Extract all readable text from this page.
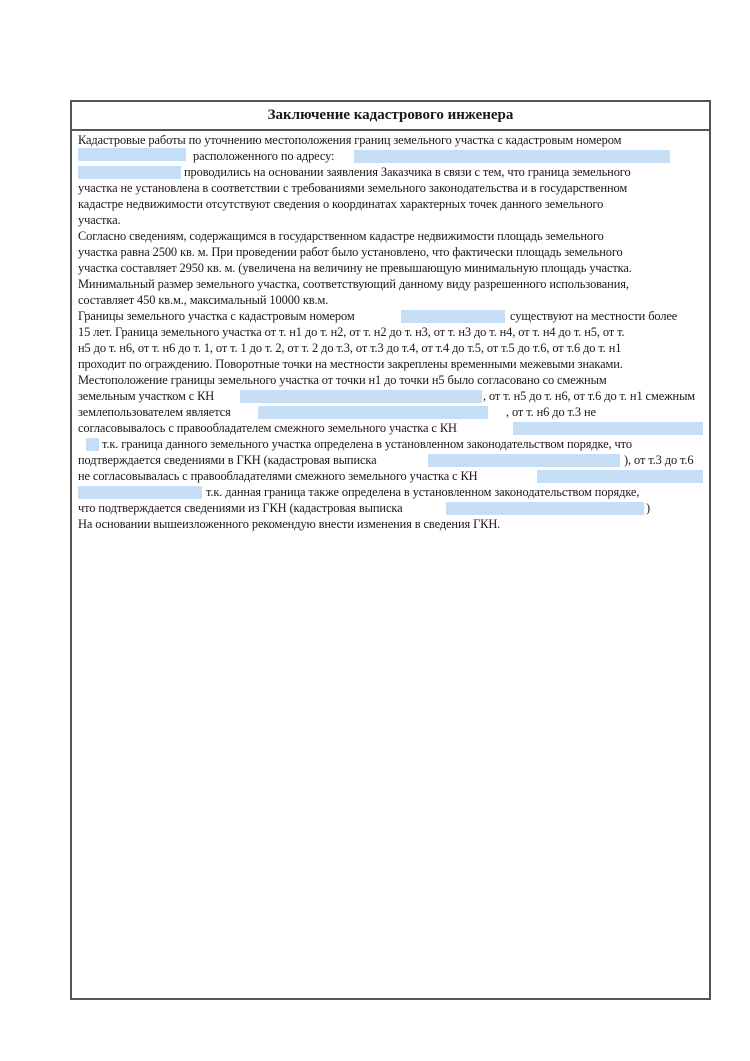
Заключение кадастрового инженера
Кадастровые работы по уточнению местоположения границ земельного участка с кадастровым номером
расположенного по адресу:
проводились на основании заявления Заказчика в связи с тем, что граница земельного
участка не установлена в соответствии с требованиями земельного законодательства и в государственном
кадастре недвижимости отсутствуют сведения о координатах характерных точек данного земельного
участка.
Согласно сведениям, содержащимся в государственном кадастре недвижимости площадь земельного
участка равна 2500 кв. м. При проведении работ было установлено, что фактически площадь земельного
участка составляет 2950 кв. м. (увеличена на величину не превышающую минимальную площадь участка.
Минимальный размер земельного участка, соответствующий данному виду разрешенного использования,
составляет 450 кв.м., максимальный 10000 кв.м.
Границы земельного участка с кадастровым номером	существуют на местности более
15 лет. Граница земельного участка от т. н1 до т. н2, от т. н2 до т. н3, от т. н3 до т. н4, от т. н4 до т. н5, от т.
н5 до т. н6, от т. н6 до т. 1, от т. 1 до т. 2, от т. 2 до т.3, от т.3 до т.4, от т.4 до т.5, от т.5 до т.6, от т.6 до т. н1
проходит по ограждению. Поворотные точки на местности закреплены временными межевыми знаками.
Местоположение границы земельного участка от точки н1 до точки н5 было согласовано со смежным
земельным участком с КН	, от т. н5 до т. н6, от т.6 до т. н1 смежным
землепользователем является	, от т. н6 до т.3 не
согласовывалось с правообладателем смежного земельного участка с КН
т.к. граница данного земельного участка определена в установленном законодательством порядке, что
подтверждается сведениями в ГКН (кадастровая выписка	), от т.3 до т.6
не согласовывалась с правообладателями смежного земельного участка с КН
т.к. данная граница также определена в установленном законодательством порядке,
что подтверждается сведениями из ГКН (кадастровая выписка	)
На основании вышеизложенного рекомендую внести изменения в сведения ГКН.
